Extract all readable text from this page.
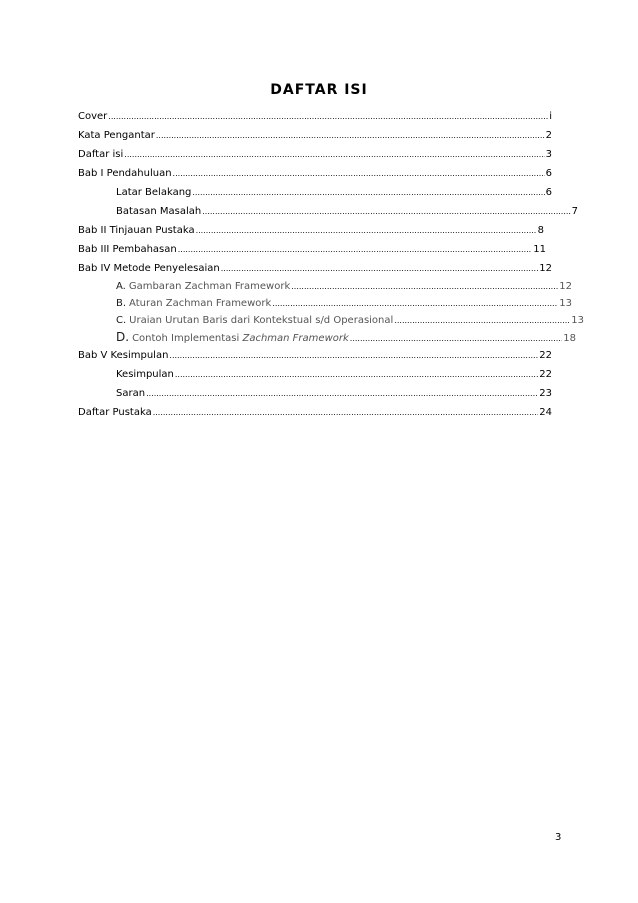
DAFTAR ISI
Cover .....	i
Kata Pengantar .....	2
Daftar isi .....	3
Bab I Pendahuluan .....	6
Latar Belakang .....	6
Batasan Masalah .....	7
Bab II Tinjauan Pustaka .....	8
Bab III Pembahasan .....	11
Bab IV Metode Penyelesaian .....	12
A. Gambaran Zachman Framework .....	12
B. Aturan Zachman Framework .....	13
C. Uraian Urutan Baris dari Kontekstual s/d Operasional .....	13
D. Contoh Implementasi Zachman Framework .....	18
Bab V Kesimpulan .....	22
Kesimpulan .....	22
Saran .....	23
Daftar Pustaka .....	24
3
